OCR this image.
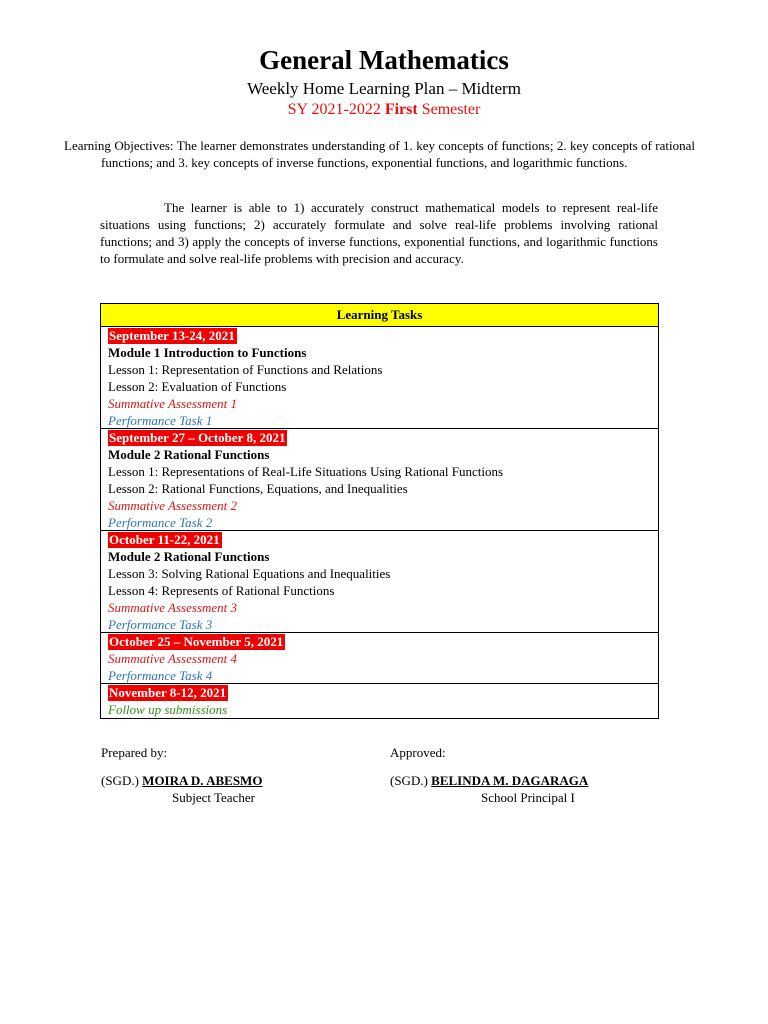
General Mathematics
Weekly Home Learning Plan – Midterm
SY 2021-2022 First Semester
Learning Objectives: The learner demonstrates understanding of 1. key concepts of functions; 2. key concepts of rational functions; and 3. key concepts of inverse functions, exponential functions, and logarithmic functions.
The learner is able to 1) accurately construct mathematical models to represent real-life situations using functions; 2) accurately formulate and solve real-life problems involving rational functions; and 3) apply the concepts of inverse functions, exponential functions, and logarithmic functions to formulate and solve real-life problems with precision and accuracy.
Learning Tasks
September 13-24, 2021
Module 1 Introduction to Functions
Lesson 1: Representation of Functions and Relations
Lesson 2: Evaluation of Functions
Summative Assessment 1
Performance Task 1
September 27 – October 8, 2021
Module 2 Rational Functions
Lesson 1: Representations of Real-Life Situations Using Rational Functions
Lesson 2: Rational Functions, Equations, and Inequalities
Summative Assessment 2
Performance Task 2
October 11-22, 2021
Module 2 Rational Functions
Lesson 3: Solving Rational Equations and Inequalities
Lesson 4: Represents of Rational Functions
Summative Assessment 3
Performance Task 3
October 25 – November 5, 2021
Summative Assessment 4
Performance Task 4
November 8-12, 2021
Follow up submissions
Prepared by:	Approved:
(SGD.) MOIRA D. ABESMO	(SGD.) BELINDA M. DAGARAGA
Subject Teacher	School Principal I
